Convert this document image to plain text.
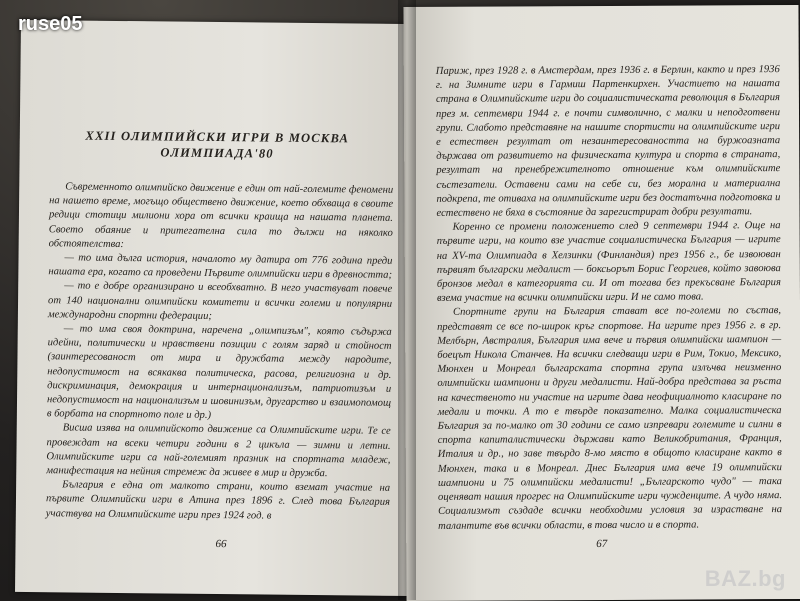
XXII ОЛИМПИЙСКИ ИГРИ В МОСКВА
ОЛИМПИАДА'80

Съвременното олимпийско движение е един от най-големите феномени на нашето време, могъщо обществено движение, което обхваща в своите редици стотици милиони хора от всички краища на нашата планета. Своето обаяние и притегателна сила то дължи на няколко обстоятелства:

— то има дълга история, началото му датира от 776 година преди нашата ера, когато са проведени Първите олимпийски игри в древността;

— то е добре организирано и всеобхватно. В него участвуват повече от 140 национални олимпийски комитети и всички големи и популярни международни спортни федерации;

— то има своя доктрина, наречена „олимпизъм", която съдържа идейни, политически и нравствени позиции с голям заряд и стойност (заинтересованост от мира и дружбата между народите, недопустимост на всякаква политическа, расова, религиозна и др. дискриминация, демокрация и интернационализъм, патриотизъм и недопустимост на национализъм и шовинизъм, другарство и взаимопомощ в борбата на спортното поле и др.)

Висша изява на олимпийското движение са Олимпийските игри. Те се провеждат на всеки четири години в 2 цикъла — зимни и летни. Олимпийските игри са най-големият празник на спортната младеж, манифестация на нейния стремеж да живее в мир и дружба.

България е една от малкото страни, които вземат участие на първите Олимпийски игри в Атина през 1896 г. След това България участвува на Олимпийските игри през 1924 год. в

66

Париж, през 1928 г. в Амстердам, през 1936 г. в Берлин, както и през 1936 г. на Зимните игри в Гармиш Партенкирхен. Участието на нашата страна в Олимпийските игри до социалистическата революция в България през м. септември 1944 г. е почти символично, с малки и неподготвени групи. Слабото представяне на нашите спортисти на олимпийските игри е естествен резултат от незаинтересоваността на буржоазната държава от развитието на физическата култура и спорта в страната, резултат на пренебрежителното отношение към олимпийските състезатели. Оставени сами на себе си, без морална и материална подкрепа, те отиваха на олимпийските игри без достатъчна подготовка и естествено не бяха в състояние да зарегистрират добри резултати.

Коренно се промени положението след 9 септември 1944 г. Още на първите игри, на които взе участие социалистическа България — игрите на XV-та Олимпиада в Хелзинки (Финландия) през 1956 г., бе извоюван първият български медалист — боксьорът Борис Георгиев, който завоюва бронзов медал в категорията си. И от тогава без прекъсване България взема участие на всички олимпийски игри. И не само това.

Спортните групи на България стават все по-големи по състав, представят се все по-широк кръг спортове. На игрите през 1956 г. в гр. Мелбърн, Австралия, България има вече и първия олимпийски шампион — боецът Никола Станчев. На всички следващи игри в Рим, Токио, Мексико, Мюнхен и Монреал българската спортна група излъчва неизменно олимпийски шампиони и други медалисти. Най-добра представа за ръста на качественото ни участие на игрите дава неофициалното класиране по медали и точки. А то е твърде показателно. Малка социалистическа България за по-малко от 30 години се само изпревари големите и силни в спорта капиталистически държави като Великобритания, Франция, Италия и др., но заве твърдо 8-мо място в общото класиране както в Мюнхен, така и в Монреал. Днес България има вече 19 олимпийски шампиони и 75 олимпийски медалисти! „Българското чудо" — така оценяват нашия прогрес на Олимпийските игри чужденците. А чудо няма. Социализмът създаде всички необходими условия за израстване на талантите във всички области, в това число и в спорта.

67
ruse05
BAZ.bg
